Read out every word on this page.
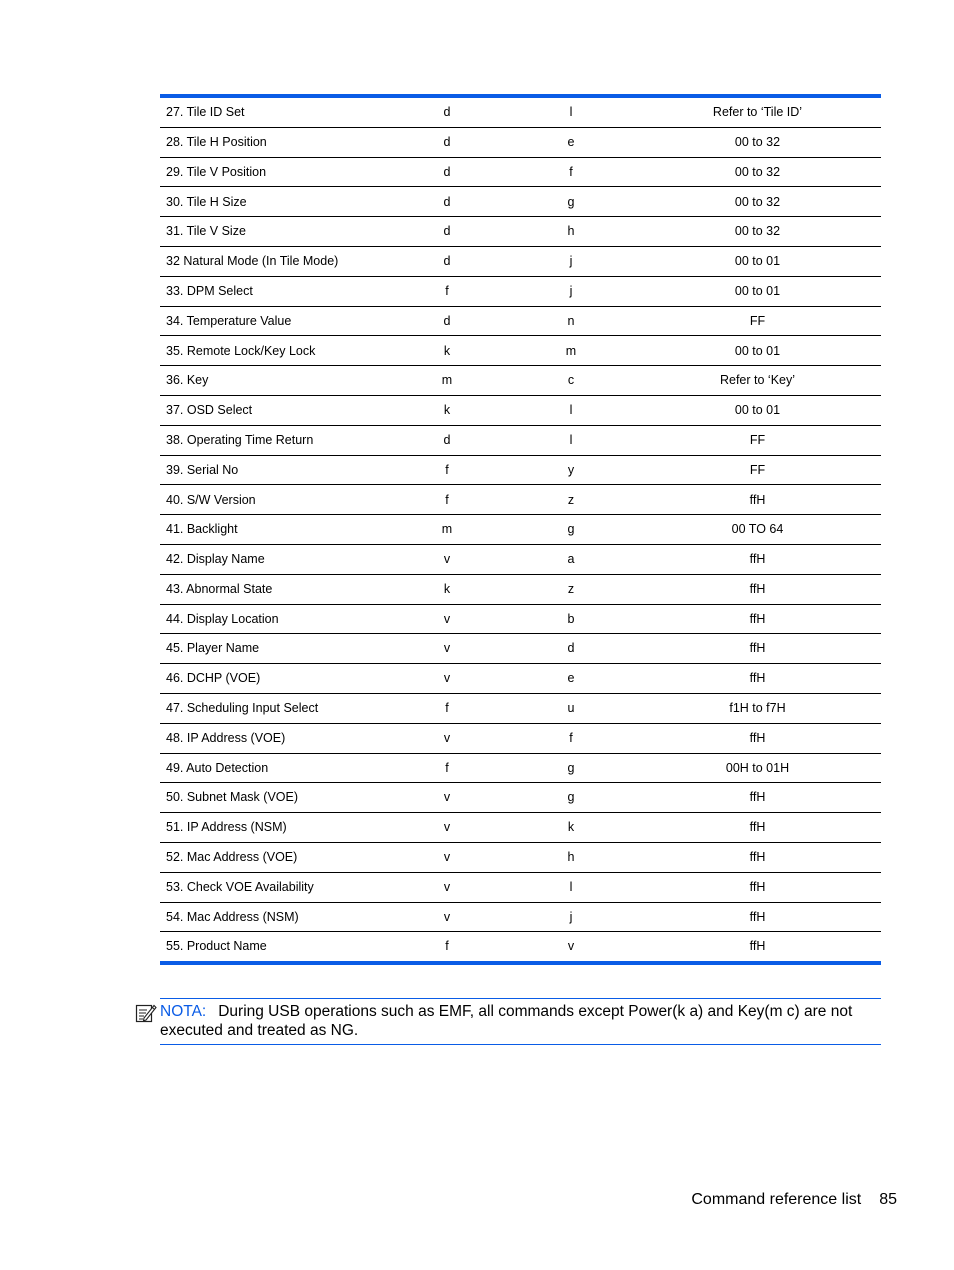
27. Tile ID Set	d	l	Refer to ‘Tile ID’
28. Tile H Position	d	e	00 to 32
29. Tile V Position	d	f	00 to 32
30. Tile H Size	d	g	00 to 32
31. Tile V Size	d	h	00 to 32
32 Natural Mode (In Tile Mode)	d	j	00 to 01
33. DPM Select	f	j	00 to 01
34. Temperature Value	d	n	FF
35. Remote Lock/Key Lock	k	m	00 to 01
36. Key	m	c	Refer to ‘Key’
37. OSD Select	k	l	00 to 01
38. Operating Time Return	d	l	FF
39. Serial No	f	y	FF
40. S/W Version	f	z	ffH
41. Backlight	m	g	00 TO 64
42. Display Name	v	a	ffH
43. Abnormal State	k	z	ffH
44. Display Location	v	b	ffH
45. Player Name	v	d	ffH
46. DCHP (VOE)	v	e	ffH
47. Scheduling Input Select	f	u	f1H to f7H
48. IP Address (VOE)	v	f	ffH
49. Auto Detection	f	g	00H to 01H
50. Subnet Mask (VOE)	v	g	ffH
51. IP Address (NSM)	v	k	ffH
52. Mac Address (VOE)	v	h	ffH
53. Check VOE Availability	v	l	ffH
54. Mac Address (NSM)	v	j	ffH
55. Product Name	f	v	ffH
NOTA: During USB operations such as EMF, all commands except Power(k a) and Key(m c) are not executed and treated as NG.
Command reference list 85
